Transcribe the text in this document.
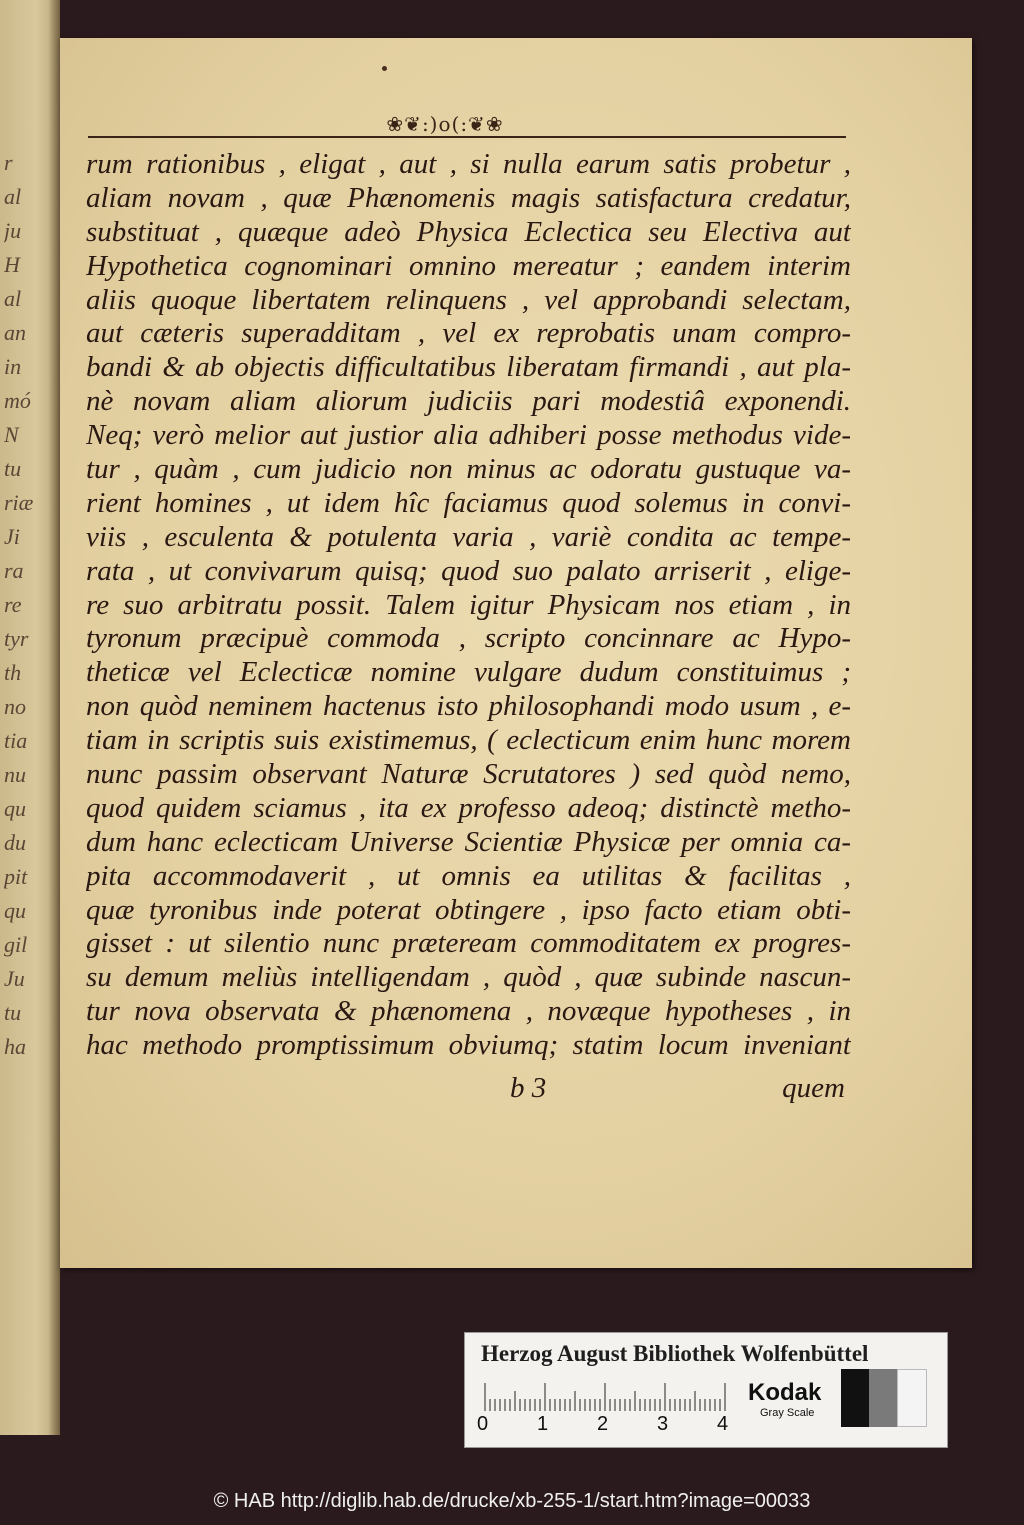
r
al
ju
H
al
an
in
mó
N
tu
riæ
Ji
ra
re
tyr
th
no
tia
nu
qu
du
pit
qu
gil
Ju
tu
ha
❀❦:)o(:❦❀
rum rationibus , eligat , aut , si nulla earum satis probetur ,
aliam novam , quæ Phænomenis magis satisfactura credatur,
substituat , quæque adeò Physica Eclectica seu Electiva aut
Hypothetica cognominari omnino mereatur ; eandem interim
aliis quoque libertatem relinquens , vel approbandi selectam,
aut cæteris superadditam , vel ex reprobatis unam compro-
bandi & ab objectis difficultatibus liberatam firmandi , aut pla-
nè novam aliam aliorum judiciis pari modestiâ exponendi.
Neq; verò melior aut justior alia adhiberi posse methodus vide-
tur , quàm , cum judicio non minus ac odoratu gustuque va-
rient homines , ut idem hîc faciamus quod solemus in convi-
viis , esculenta & potulenta varia , variè condita ac tempe-
rata , ut convivarum quisq; quod suo palato arriserit , elige-
re suo arbitratu possit. Talem igitur Physicam nos etiam , in
tyronum præcipuè commoda , scripto concinnare ac Hypo-
theticæ vel Eclecticæ nomine vulgare dudum constituimus ;
non quòd neminem hactenus isto philosophandi modo usum , e-
tiam in scriptis suis existimemus, ( eclecticum enim hunc morem
nunc passim observant Naturæ Scrutatores ) sed quòd nemo,
quod quidem sciamus , ita ex professo adeoq; distinctè metho-
dum hanc eclecticam Universe Scientiæ Physicæ per omnia ca-
pita accommodaverit , ut omnis ea utilitas & facilitas ,
quæ tyronibus inde poterat obtingere , ipso facto etiam obti-
gisset : ut silentio nunc præteream commoditatem ex progres-
su demum meliùs intelligendam , quòd , quæ subinde nascun-
tur nova observata & phænomena , novæque hypotheses , in
hac methodo promptissimum obviumq; statim locum inveniant
b 3	quem
Herzog August Bibliothek Wolfenbüttel
0 1 2 3 4
Kodak
Gray Scale
© HAB http://diglib.hab.de/drucke/xb-255-1/start.htm?image=00033
